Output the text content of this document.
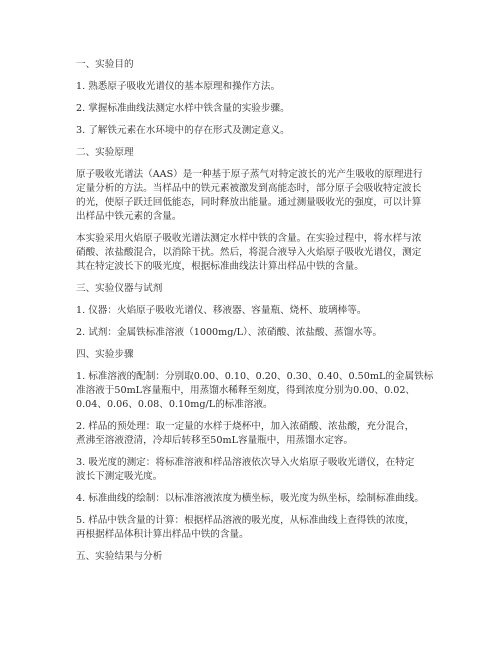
一、实验目的
1. 熟悉原子吸收光谱仪的基本原理和操作方法。
2. 掌握标准曲线法测定水样中铁含量的实验步骤。
3. 了解铁元素在水环境中的存在形式及测定意义。
二、实验原理
原子吸收光谱法（AAS）是一种基于原子蒸气对特定波长的光产生吸收的原理进行
定量分析的方法。当样品中的铁元素被激发到高能态时，部分原子会吸收特定波长
的光，使原子跃迁回低能态，同时释放出能量。通过测量吸收光的强度，可以计算
出样品中铁元素的含量。
本实验采用火焰原子吸收光谱法测定水样中铁的含量。在实验过程中，将水样与浓
硝酸、浓盐酸混合，以消除干扰。然后，将混合液导入火焰原子吸收光谱仪，测定
其在特定波长下的吸光度，根据标准曲线法计算出样品中铁的含量。
三、实验仪器与试剂
1. 仪器：火焰原子吸收光谱仪、移液器、容量瓶、烧杯、玻璃棒等。
2. 试剂：金属铁标准溶液（1000mg/L）、浓硝酸、浓盐酸、蒸馏水等。
四、实验步骤
1. 标准溶液的配制：分别取0.00、0.10、0.20、0.30、0.40、0.50mL的金属铁标
准溶液于50mL容量瓶中，用蒸馏水稀释至刻度，得到浓度分别为0.00、0.02、
0.04、0.06、0.08、0.10mg/L的标准溶液。
2. 样品的预处理：取一定量的水样于烧杯中，加入浓硝酸、浓盐酸，充分混合，
煮沸至溶液澄清，冷却后转移至50mL容量瓶中，用蒸馏水定容。
3. 吸光度的测定：将标准溶液和样品溶液依次导入火焰原子吸收光谱仪，在特定
波长下测定吸光度。
4. 标准曲线的绘制：以标准溶液浓度为横坐标，吸光度为纵坐标，绘制标准曲线。
5. 样品中铁含量的计算：根据样品溶液的吸光度，从标准曲线上查得铁的浓度，
再根据样品体积计算出样品中铁的含量。
五、实验结果与分析
